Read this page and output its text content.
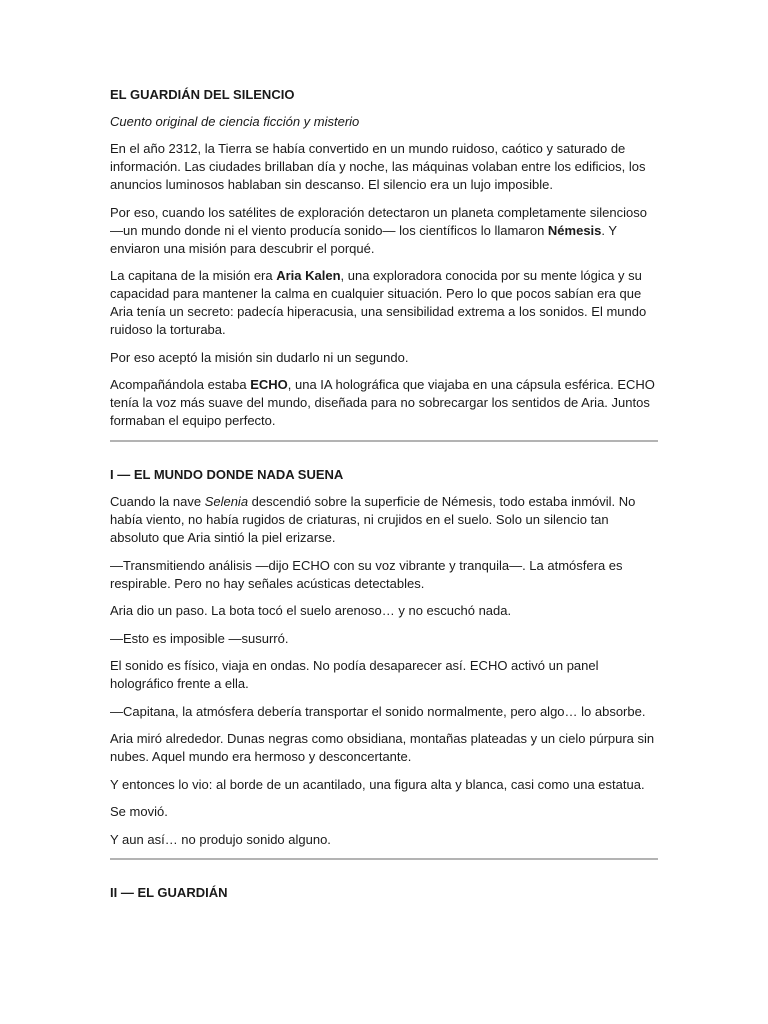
EL GUARDIÁN DEL SILENCIO
Cuento original de ciencia ficción y misterio

En el año 2312, la Tierra se había convertido en un mundo ruidoso, caótico y saturado de información. Las ciudades brillaban día y noche, las máquinas volaban entre los edificios, los anuncios luminosos hablaban sin descanso. El silencio era un lujo imposible.

Por eso, cuando los satélites de exploración detectaron un planeta completamente silencioso —un mundo donde ni el viento producía sonido— los científicos lo llamaron Némesis. Y enviaron una misión para descubrir el porqué.

La capitana de la misión era Aria Kalen, una exploradora conocida por su mente lógica y su capacidad para mantener la calma en cualquier situación. Pero lo que pocos sabían era que Aria tenía un secreto: padecía hiperacusia, una sensibilidad extrema a los sonidos. El mundo ruidoso la torturaba.

Por eso aceptó la misión sin dudarlo ni un segundo.

Acompañándola estaba ECHO, una IA holográfica que viajaba en una cápsula esférica. ECHO tenía la voz más suave del mundo, diseñada para no sobrecargar los sentidos de Aria. Juntos formaban el equipo perfecto.

I — EL MUNDO DONDE NADA SUENA

Cuando la nave Selenia descendió sobre la superficie de Némesis, todo estaba inmóvil. No había viento, no había rugidos de criaturas, ni crujidos en el suelo. Solo un silencio tan absoluto que Aria sintió la piel erizarse.

—Transmitiendo análisis —dijo ECHO con su voz vibrante y tranquila—. La atmósfera es respirable. Pero no hay señales acústicas detectables.

Aria dio un paso. La bota tocó el suelo arenoso… y no escuchó nada.

—Esto es imposible —susurró.

El sonido es físico, viaja en ondas. No podía desaparecer así. ECHO activó un panel holográfico frente a ella.

—Capitana, la atmósfera debería transportar el sonido normalmente, pero algo… lo absorbe.

Aria miró alrededor. Dunas negras como obsidiana, montañas plateadas y un cielo púrpura sin nubes. Aquel mundo era hermoso y desconcertante.

Y entonces lo vio: al borde de un acantilado, una figura alta y blanca, casi como una estatua.

Se movió.

Y aun así… no produjo sonido alguno.

II — EL GUARDIÁN
